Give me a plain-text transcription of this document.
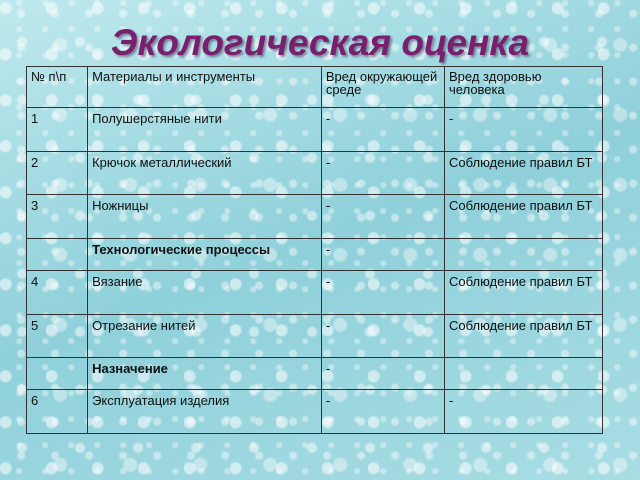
Экологическая оценка
№ п\п	Материалы и инструменты	Вред окружающей среде	Вред здоровью человека
1	Полушерстяные нити	-	-
2	Крючок металлический	-	Соблюдение правил БТ
3	Ножницы	-	Соблюдение правил БТ
	Технологические процессы	-	
4	Вязание	-	Соблюдение правил БТ
5	Отрезание нитей	-	Соблюдение правил БТ
	Назначение	-	
6	Эксплуатация изделия	-	-
